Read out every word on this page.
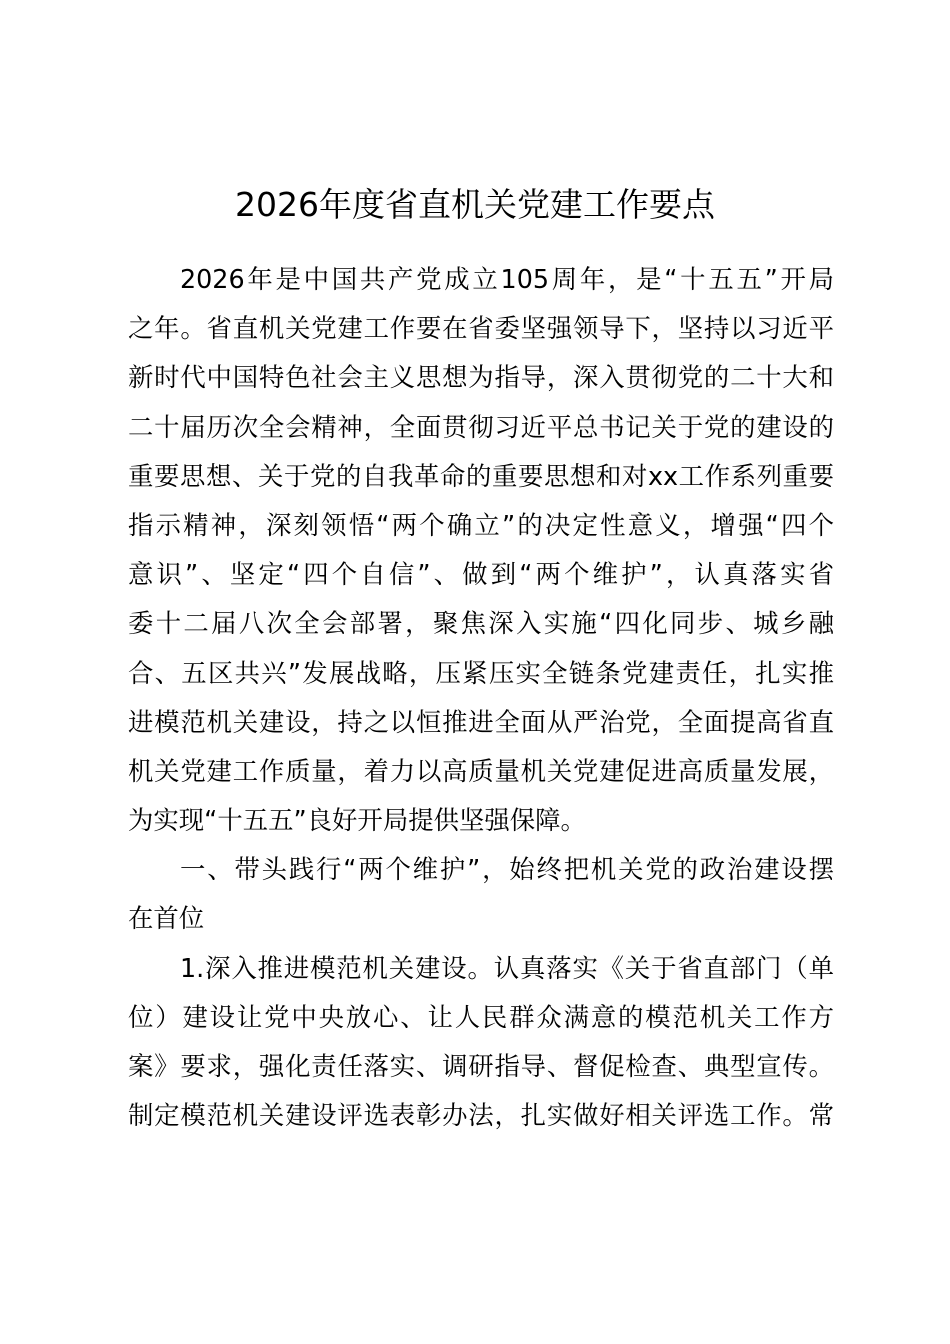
2026年度省直机关党建工作要点
2026年是中国共产党成立105周年，是“十五五”开局
之年。省直机关党建工作要在省委坚强领导下，坚持以习近平
新时代中国特色社会主义思想为指导，深入贯彻党的二十大和
二十届历次全会精神，全面贯彻习近平总书记关于党的建设的
重要思想、关于党的自我革命的重要思想和对xx工作系列重要
指示精神，深刻领悟“两个确立”的决定性意义，增强“四个
意识”、坚定“四个自信”、做到“两个维护”，认真落实省
委十二届八次全会部署，聚焦深入实施“四化同步、城乡融
合、五区共兴”发展战略，压紧压实全链条党建责任，扎实推
进模范机关建设，持之以恒推进全面从严治党，全面提高省直
机关党建工作质量，着力以高质量机关党建促进高质量发展，
为实现“十五五”良好开局提供坚强保障。
一、带头践行“两个维护”，始终把机关党的政治建设摆
在首位
1.深入推进模范机关建设。认真落实《关于省直部门（单
位）建设让党中央放心、让人民群众满意的模范机关工作方
案》要求，强化责任落实、调研指导、督促检查、典型宣传。
制定模范机关建设评选表彰办法，扎实做好相关评选工作。常
